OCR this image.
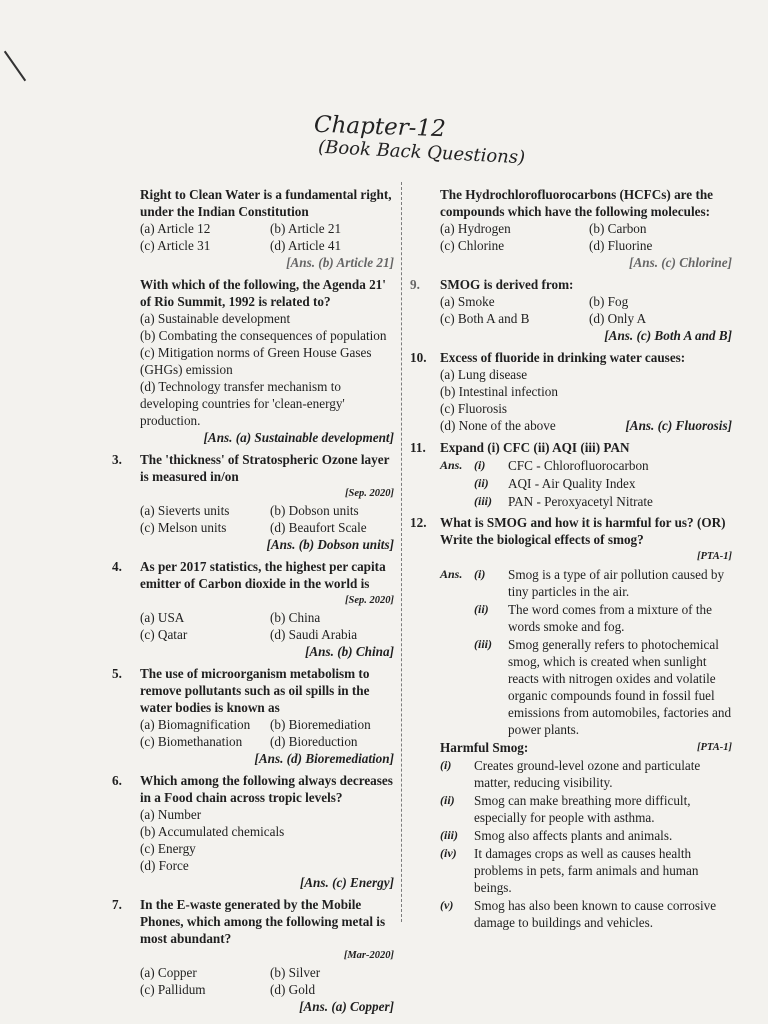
Chapter-12
(Book Back Questions)
Right to Clean Water is a fundamental right, under the Indian Constitution
(a) Article 12	(b) Article 21
(c) Article 31	(d) Article 41
[Ans. (b) Article 21]
With which of the following, the Agenda 21' of Rio Summit, 1992 is related to?
(a) Sustainable development
(b) Combating the consequences of population
(c) Mitigation norms of Green House Gases (GHGs) emission
(d) Technology transfer mechanism to developing countries for 'clean-energy' production.
[Ans. (a) Sustainable development]
3.	The 'thickness' of Stratospheric Ozone layer is measured in/on
[Sep. 2020]
(a) Sieverts units	(b) Dobson units
(c) Melson units	(d) Beaufort Scale
[Ans. (b) Dobson units]
4.	As per 2017 statistics, the highest per capita emitter of Carbon dioxide in the world is
[Sep. 2020]
(a) USA	(b) China
(c) Qatar	(d) Saudi Arabia
[Ans. (b) China]
5.	The use of microorganism metabolism to remove pollutants such as oil spills in the water bodies is known as
(a) Biomagnification	(b) Bioremediation
(c) Biomethanation	(d) Bioreduction
[Ans. (d) Bioremediation]
6.	Which among the following always decreases in a Food chain across tropic levels?
(a) Number
(b) Accumulated chemicals
(c) Energy
(d) Force
[Ans. (c) Energy]
7.	In the E-waste generated by the Mobile Phones, which among the following metal is most abundant?
[Mar-2020]
(a) Copper	(b) Silver
(c) Pallidum	(d) Gold
[Ans. (a) Copper]
The Hydrochlorofluorocarbons (HCFCs) are the compounds which have the following molecules:
(a) Hydrogen	(b) Carbon
(c) Chlorine	(d) Fluorine
[Ans. (c) Chlorine]
9.	SMOG is derived from:
(a) Smoke	(b) Fog
(c) Both A and B	(d) Only A
[Ans. (c) Both A and B]
10.	Excess of fluoride in drinking water causes:
(a) Lung disease
(b) Intestinal infection
(c) Fluorosis
(d) None of the above	[Ans. (c) Fluorosis]
11.	Expand (i) CFC (ii) AQI (iii) PAN
Ans. (i)	CFC - Chlorofluorocarbon
(ii)	AQI - Air Quality Index
(iii)	PAN - Peroxyacetyl Nitrate
12.	What is SMOG and how it is harmful for us? (OR) Write the biological effects of smog?
[PTA-1]
Ans. (i)	Smog is a type of air pollution caused by tiny particles in the air.
(ii)	The word comes from a mixture of the words smoke and fog.
(iii)	Smog generally refers to photochemical smog, which is created when sunlight reacts with nitrogen oxides and volatile organic compounds found in fossil fuel emissions from automobiles, factories and power plants.
Harmful Smog:	[PTA-1]
(i)	Creates ground-level ozone and particulate matter, reducing visibility.
(ii)	Smog can make breathing more difficult, especially for people with asthma.
(iii)	Smog also affects plants and animals.
(iv)	It damages crops as well as causes health problems in pets, farm animals and human beings.
(v)	Smog has also been known to cause corrosive damage to buildings and vehicles.
